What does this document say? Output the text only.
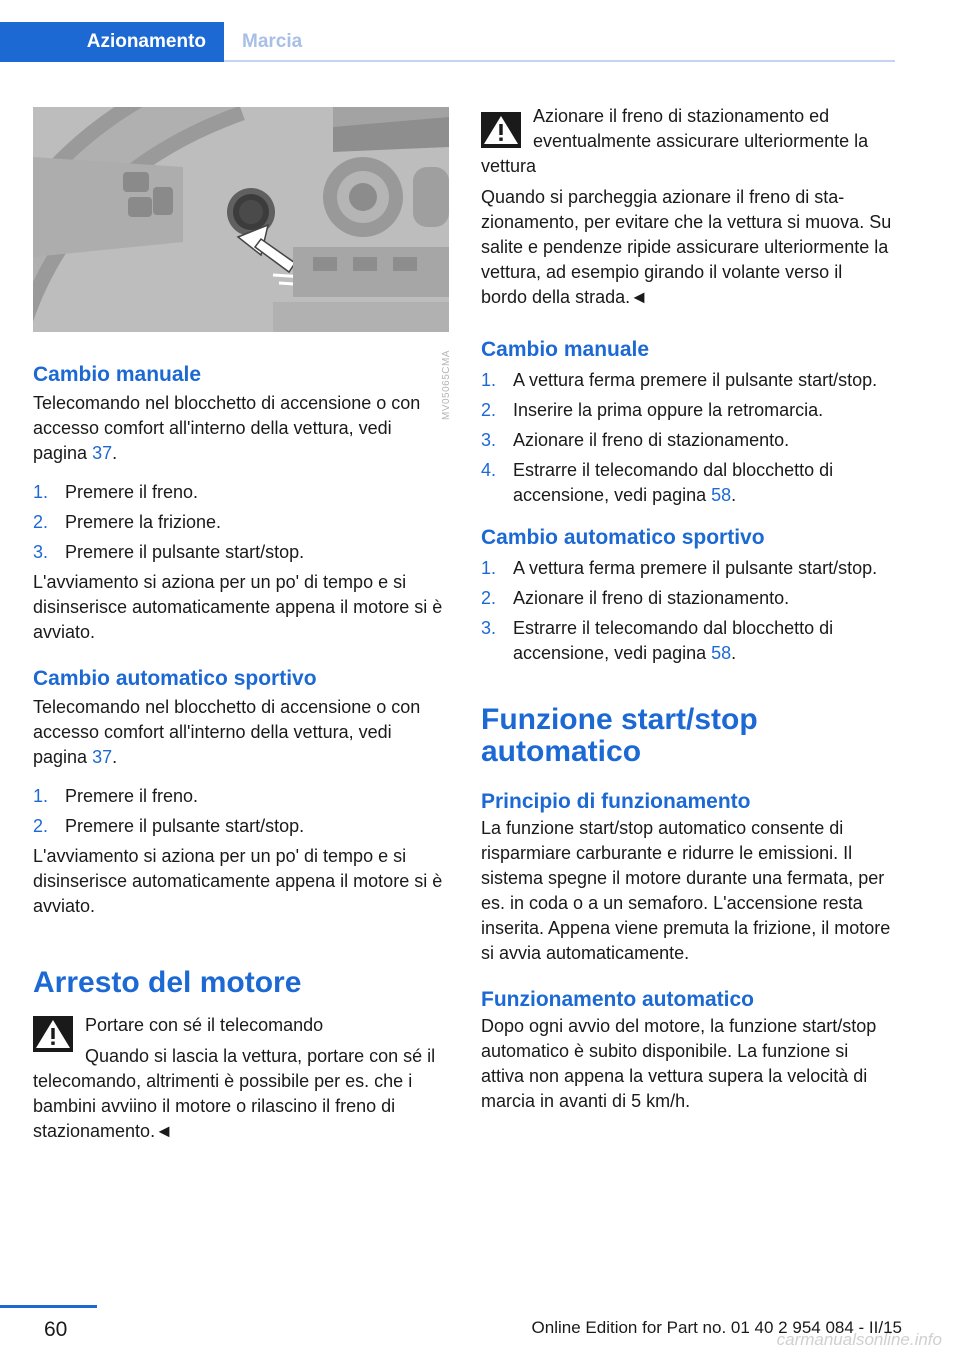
Azionamento	Marcia
MV05065CMA
Cambio manuale

Telecomando nel blocchetto di accensione o con accesso comfort all'interno della vettura, vedi pagina 37.

1. Premere il freno.
2. Premere la frizione.
3. Premere il pulsante start/stop.

L'avviamento si aziona per un po' di tempo e si disinserisce automaticamente appena il motore si è avviato.

Cambio automatico sportivo

Telecomando nel blocchetto di accensione o con accesso comfort all'interno della vettura, vedi pagina 37.

1. Premere il freno.
2. Premere il pulsante start/stop.

L'avviamento si aziona per un po' di tempo e si disinserisce automaticamente appena il motore si è avviato.

Arresto del motore
Portare con sé il telecomando

Quando si lascia la vettura, portare con sé il telecomando, altrimenti è possibile per es. che i bambini avviino il motore o rilascino il freno di stazionamento.◄

Azionare il freno di stazionamento ed eventualmente assicurare ulteriormente la vettura

Quando si parcheggia azionare il freno di stazionamento, per evitare che la vettura si muova. Su salite e pendenze ripide assicurare ulteriormente la vettura, ad esempio girando il volante verso il bordo della strada.◄

Cambio manuale
1. A vettura ferma premere il pulsante start/stop.
2. Inserire la prima oppure la retromarcia.
3. Azionare il freno di stazionamento.
4. Estrarre il telecomando dal blocchetto di accensione, vedi pagina 58.
Cambio automatico sportivo
1. A vettura ferma premere il pulsante start/stop.
2. Azionare il freno di stazionamento.
3. Estrarre il telecomando dal blocchetto di accensione, vedi pagina 58.
Funzione start/stop automatico
Principio di funzionamento

La funzione start/stop automatico consente di risparmiare carburante e ridurre le emissioni. Il sistema spegne il motore durante una fermata, per es. in coda o a un semaforo. L'accensione resta inserita. Appena viene premuta la frizione, il motore si avvia automaticamente.

Funzionamento automatico

Dopo ogni avvio del motore, la funzione start/stop automatico è subito disponibile. La funzione si attiva non appena la vettura supera la velocità di marcia in avanti di 5 km/h.

60	Online Edition for Part no. 01 40 2 954 084 - II/15
carmanualsonline.info
